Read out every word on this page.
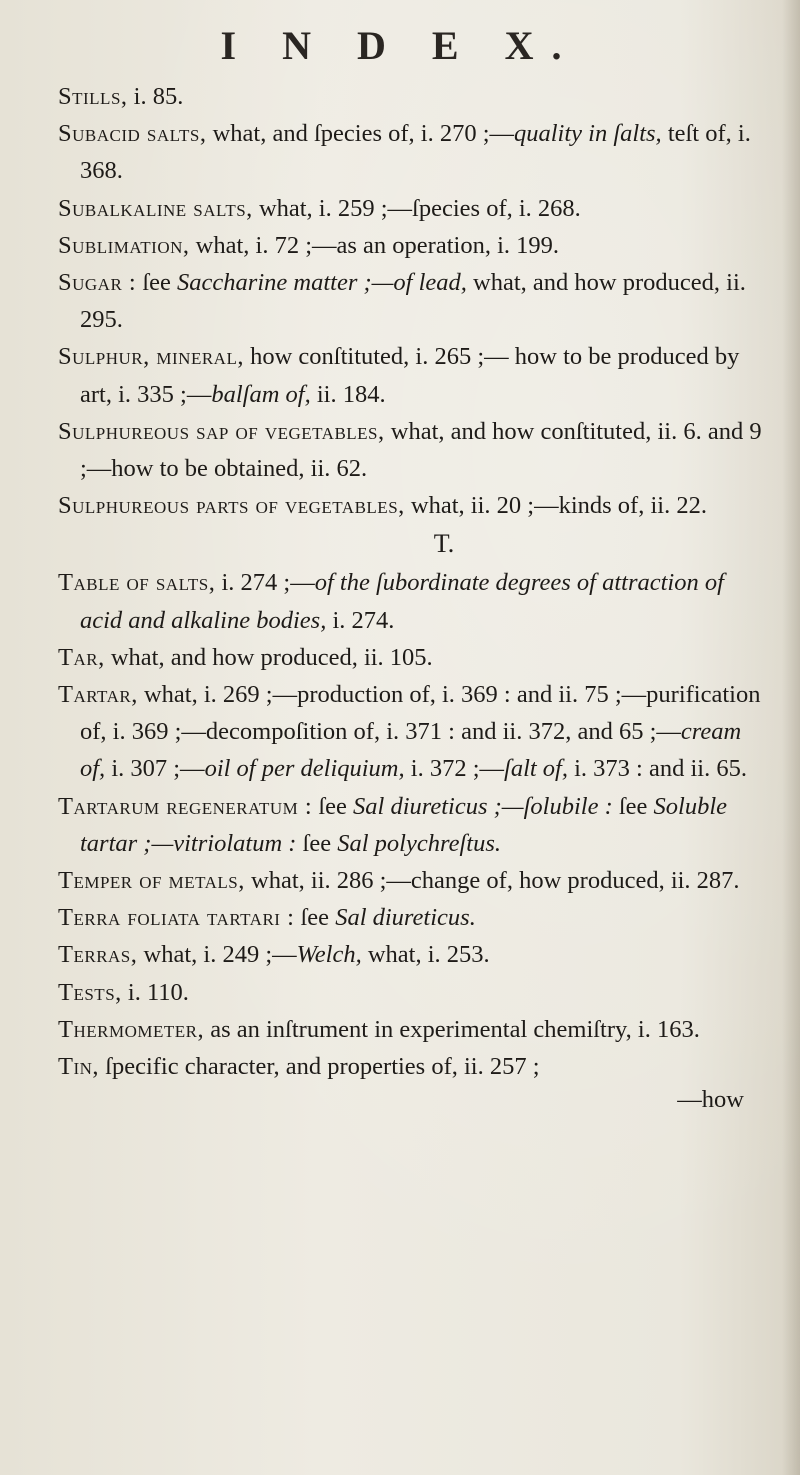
I N D E X.

Stills, i. 85.

Subacid salts, what, and ſpecies of, i. 270 ;—quality in ſalts, teſt of, i. 368.

Subalkaline salts, what, i. 259 ;—ſpecies of, i. 268.

Sublimation, what, i. 72 ;—as an operation, i. 199.

Sugar : ſee Saccharine matter ;—of lead, what, and how produced, ii. 295.

Sulphur, mineral, how conſtituted, i. 265 ;— how to be produced by art, i. 335 ;—balſam of, ii. 184.

Sulphureous sap of vegetables, what, and how conſtituted, ii. 6. and 9 ;—how to be obtained, ii. 62.

Sulphureous parts of vegetables, what, ii. 20 ;—kinds of, ii. 22.

T.

Table of salts, i. 274 ;—of the ſubordinate degrees of attraction of acid and alkaline bodies, i. 274.

Tar, what, and how produced, ii. 105.

Tartar, what, i. 269 ;—production of, i. 369 : and ii. 75 ;—purification of, i. 369 ;—decompoſition of, i. 371 : and ii. 372, and 65 ;—cream of, i. 307 ;—oil of per deliquium, i. 372 ;—ſalt of, i. 373 : and ii. 65.

Tartarum regeneratum : ſee Sal diureticus ;—ſolubile : ſee Soluble tartar ;—vitriolatum : ſee Sal polychreſtus.

Temper of metals, what, ii. 286 ;—change of, how produced, ii. 287.

Terra foliata tartari : ſee Sal diureticus.

Terras, what, i. 249 ;—Welch, what, i. 253.

Tests, i. 110.

Thermometer, as an inſtrument in experimental chemiſtry, i. 163.

Tin, ſpecific character, and properties of, ii. 257 ;

—how
